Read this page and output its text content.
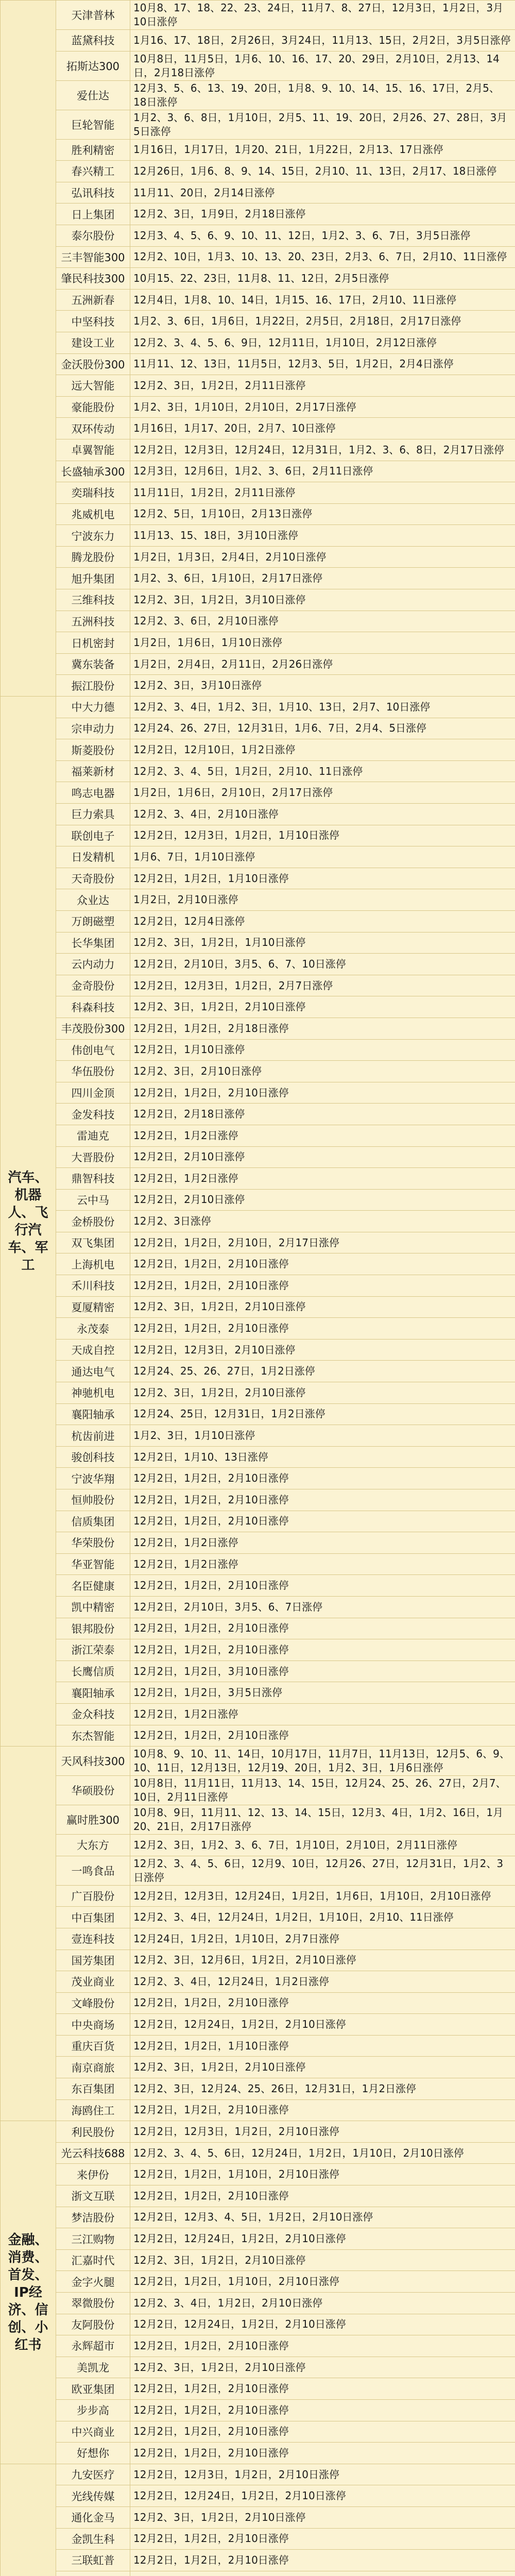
	天津普林	10月8、17、18、22、23、24日，11月7、8、27日，12月3日，1月2日，3月10日涨停
	蓝黛科技	1月16、17、18日，2月26日，3月24日，11月13、15日，2月2日，3月5日涨停
	拓斯达300	10月8日，11月5日，1月6、10、16、17、20、29日，2月10日，2月13、14日，2月18日涨停
	爱仕达	12月3、5、6、13、19、20日，1月8、9、10、14、15、16、17日，2月5、18日涨停
	巨轮智能	1月2、3、6、8日，1月10日，2月5、11、19、20日，2月26、27、28日，3月5日涨停
	胜利精密	1月16日，1月17日，1月20、21日，1月22日，2月13、17日涨停
	春兴精工	12月26日，1月6、8、9、14、15日，2月10、11、13日，2月17、18日涨停
	弘讯科技	11月11、20日，2月14日涨停
	日上集团	12月2、3日，1月9日，2月18日涨停
	泰尔股份	12月3、4、5、6、9、10、11、12日，1月2、3、6、7日，3月5日涨停
	三丰智能300	12月2、10日，1月3、10、13、20、23日，2月3、6、7日，2月10、11日涨停
	肇民科技300	10月15、22、23日，11月8、11、12日，2月5日涨停
	五洲新春	12月4日，1月8、10、14日，1月15、16、17日，2月10、11日涨停
	中坚科技	1月2、3、6日，1月6日，1月22日，2月5日，2月18日，2月17日涨停
	建设工业	12月2、3、4、5、6、9日，12月11日，1月10日，2月12日涨停
	金沃股份300	11月11、12、13日，11月5日，12月3、5日，1月2日，2月4日涨停
	远大智能	12月2、3日，1月2日，2月11日涨停
	豪能股份	1月2、3日，1月10日，2月10日，2月17日涨停
	双环传动	1月16日，1月17、20日，2月7、10日涨停
	卓翼智能	12月2日，12月3日，12月24日，12月31日，1月2、3、6、8日，2月17日涨停
	长盛轴承300	12月3日，12月6日，1月2、3、6日，2月11日涨停
	奕瑞科技	11月11日，1月2日，2月11日涨停
	兆威机电	12月2、5日，1月10日，2月13日涨停
	宁波东力	11月13、15、18日，3月10日涨停
	腾龙股份	1月2日，1月3日，2月4日，2月10日涨停
	旭升集团	1月2、3、6日，1月10日，2月17日涨停
	三维科技	12月2、3日，1月2日，3月10日涨停
	五洲科技	12月2、3、6日，2月10日涨停
	日机密封	1月2日，1月6日，1月10日涨停
	冀东装备	1月2日，2月4日，2月11日，2月26日涨停
	振江股份	12月2、3日，3月10日涨停
汽车、机器人、飞行汽车、军工	中大力德	12月2、3、4日，1月2、3日，1月10、13日，2月7、10日涨停
	宗申动力	12月24、26、27日，12月31日，1月6、7日，2月4、5日涨停
	斯菱股份	12月2日，12月10日，1月2日涨停
	福莱新材	12月2、3、4、5日，1月2日，2月10、11日涨停
	鸣志电器	1月2日，1月6日，2月10日，2月17日涨停
	巨力索具	12月2、3、4日，2月10日涨停
	联创电子	12月2日，12月3日，1月2日，1月10日涨停
	日发精机	1月6、7日，1月10日涨停
	天奇股份	12月2日，1月2日，1月10日涨停
	众业达	1月2日，2月10日涨停
	万朗磁塑	12月2日，12月4日涨停
	长华集团	12月2、3日，1月2日，1月10日涨停
	云内动力	12月2日，2月10日，3月5、6、7、10日涨停
	金奇股份	12月2日，12月3日，1月2日，2月7日涨停
	科森科技	12月2、3日，1月2日，2月10日涨停
	丰茂股份300	12月2日，1月2日，2月18日涨停
	伟创电气	12月2日，1月10日涨停
	华伍股份	12月2、3日，2月10日涨停
	四川金顶	12月2日，1月2日，2月10日涨停
	金发科技	12月2日，2月18日涨停
	雷迪克	12月2日，1月2日涨停
	大晋股份	12月2日，2月10日涨停
	鼎智科技	12月2日，1月2日涨停
	云中马	12月2日，2月10日涨停
	金桥股份	12月2、3日涨停
	双飞集团	12月2日，1月2日，2月10日，2月17日涨停
	上海机电	12月2日，1月2日，2月10日涨停
	禾川科技	12月2日，1月2日，2月10日涨停
	夏厦精密	12月2、3日，1月2日，2月10日涨停
	永茂泰	12月2日，1月2日，2月10日涨停
	天成自控	12月2日，12月3日，2月10日涨停
	通达电气	12月24、25、26、27日，1月2日涨停
	神驰机电	12月2、3日，1月2日，2月10日涨停
	襄阳轴承	12月24、25日，12月31日，1月2日涨停
	杭齿前进	1月2、3日，1月10日涨停
	骏创科技	12月2日，1月10、13日涨停
	宁波华翔	12月2日，1月2日，2月10日涨停
	恒帅股份	12月2日，1月2日，2月10日涨停
	信质集团	12月2日，1月2日，2月10日涨停
	华荣股份	12月2日，1月2日涨停
	华亚智能	12月2日，1月2日涨停
	名臣健康	12月2日，1月2日，2月10日涨停
	凯中精密	12月2日，2月10日，3月5、6、7日涨停
	银邦股份	12月2日，1月2日，2月10日涨停
	浙江荣泰	12月2日，1月2日，2月10日涨停
	长鹰信质	12月2日，1月2日，3月10日涨停
	襄阳轴承	12月2日，1月2日，3月5日涨停
	金众科技	12月2日，1月2日涨停
	东杰智能	12月2日，1月2日，2月10日涨停
	天风科技300	10月8、9、10、11、14日，10月17日，11月7日，11月13日，12月5、6、9、10、11日，12月13日，12月19、20日，1月2、3日，1月6日涨停
	华硕股份	10月8日，11月11日，11月13、14、15日，12月24、25、26、27日，2月7、10日，2月11日涨停
	赢时胜300	10月8、9日，11月11、12、13、14、15日，12月3、4日，1月2、16日，1月20、21日，2月17日涨停
	大东方	12月2、3日，1月2、3、6、7日，1月10日，2月10日，2月11日涨停
	一鸣食品	12月2、3、4、5、6日，12月9、10日，12月26、27日，12月31日，1月2、3日涨停
	广百股份	12月2日，12月3日，12月24日，1月2日，1月6日，1月10日，2月10日涨停
	中百集团	12月2、3、4日，12月24日，1月2日，1月10日，2月10、11日涨停
	壹连科技	12月24日，1月2日，1月10日，2月7日涨停
	国芳集团	12月2、3日，12月6日，1月2日，2月10日涨停
	茂业商业	12月2、3、4日，12月24日，1月2日涨停
	文峰股份	12月2日，1月2日，2月10日涨停
	中央商场	12月2日，12月24日，1月2日，2月10日涨停
	重庆百货	12月2日，1月2日，1月10日涨停
	南京商旅	12月2、3日，1月2日，2月10日涨停
	东百集团	12月2、3日，12月24、25、26日，12月31日，1月2日涨停
	海鸥住工	12月2日，1月2日，2月10日涨停
金融、消费、首发、IP经济、信创、小红书	利民股份	12月2日，12月3日，1月2日，2月10日涨停
	光云科技688	12月2、3、4、5、6日，12月24日，1月2日，1月10日，2月10日涨停
	来伊份	12月2日，1月2日，1月10日，2月10日涨停
	浙文互联	12月2日，1月2日，2月10日涨停
	梦洁股份	12月2日，12月3、4、5日，1月2日，2月10日涨停
	三江购物	12月2日，12月24日，1月2日，2月10日涨停
	汇嘉时代	12月2、3日，1月2日，2月10日涨停
	金字火腿	12月2日，1月2日，1月10日，2月10日涨停
	翠微股份	12月2、3、4日，1月2日，2月10日涨停
	友阿股份	12月2日，12月24日，1月2日，2月10日涨停
	永辉超市	12月2日，1月2日，2月10日涨停
	美凯龙	12月2、3日，1月2日，2月10日涨停
	欧亚集团	12月2日，1月2日，2月10日涨停
	步步高	12月2日，1月2日，2月10日涨停
	中兴商业	12月2日，1月2日，2月10日涨停
	好想你	12月2日，1月2日，2月10日涨停
	九安医疗	12月2日，12月3日，1月2日，2月10日涨停
	光线传媒	12月2日，12月24日，1月2日，2月10日涨停
	通化金马	12月2、3日，1月2日，2月10日涨停
	金凯生科	12月2日，1月2日，2月10日涨停
	三联虹普	12月2日，1月2日，2月10日涨停
